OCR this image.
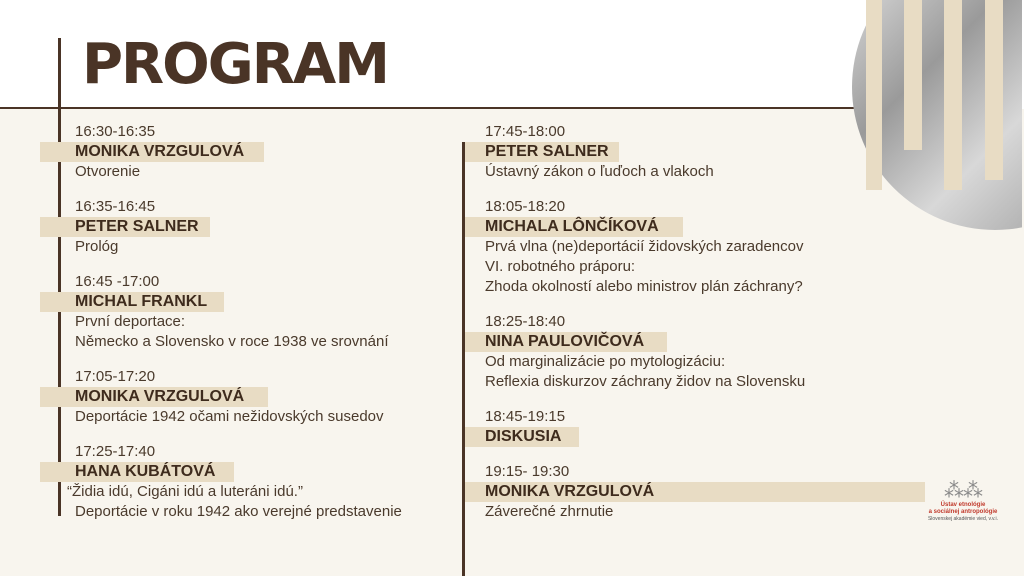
PROGRAM
16:30-16:35
MONIKA VRZGULOVÁ
Otvorenie
16:35-16:45
PETER SALNER
Prológ
16:45 -17:00
MICHAL FRANKL
První deportace:
Německo a Slovensko v roce 1938 ve srovnání
17:05-17:20
MONIKA VRZGULOVÁ
Deportácie 1942 očami nežidovských susedov
17:25-17:40
HANA KUBÁTOVÁ
“Židia idú, Cigáni idú a luteráni idú.”
Deportácie v roku 1942 ako verejné predstavenie
17:45-18:00
PETER SALNER
Ústavný zákon o ľuďoch a vlakoch
18:05-18:20
MICHALA LÔNČÍKOVÁ
Prvá vlna (ne)deportácií židovských zaradencov
VI. robotného práporu:
Zhoda okolností alebo ministrov plán záchrany?
18:25-18:40
NINA PAULOVIČOVÁ
Od marginalizácie po mytologizáciu:
Reflexia diskurzov záchrany židov na Slovensku
18:45-19:15
DISKUSIA
19:15- 19:30
MONIKA VRZGULOVÁ
Záverečné zhrnutie
⁂⁂
Ústav etnológie
a sociálnej antropológie
Slovenskej akadémie vied, v.v.i.
